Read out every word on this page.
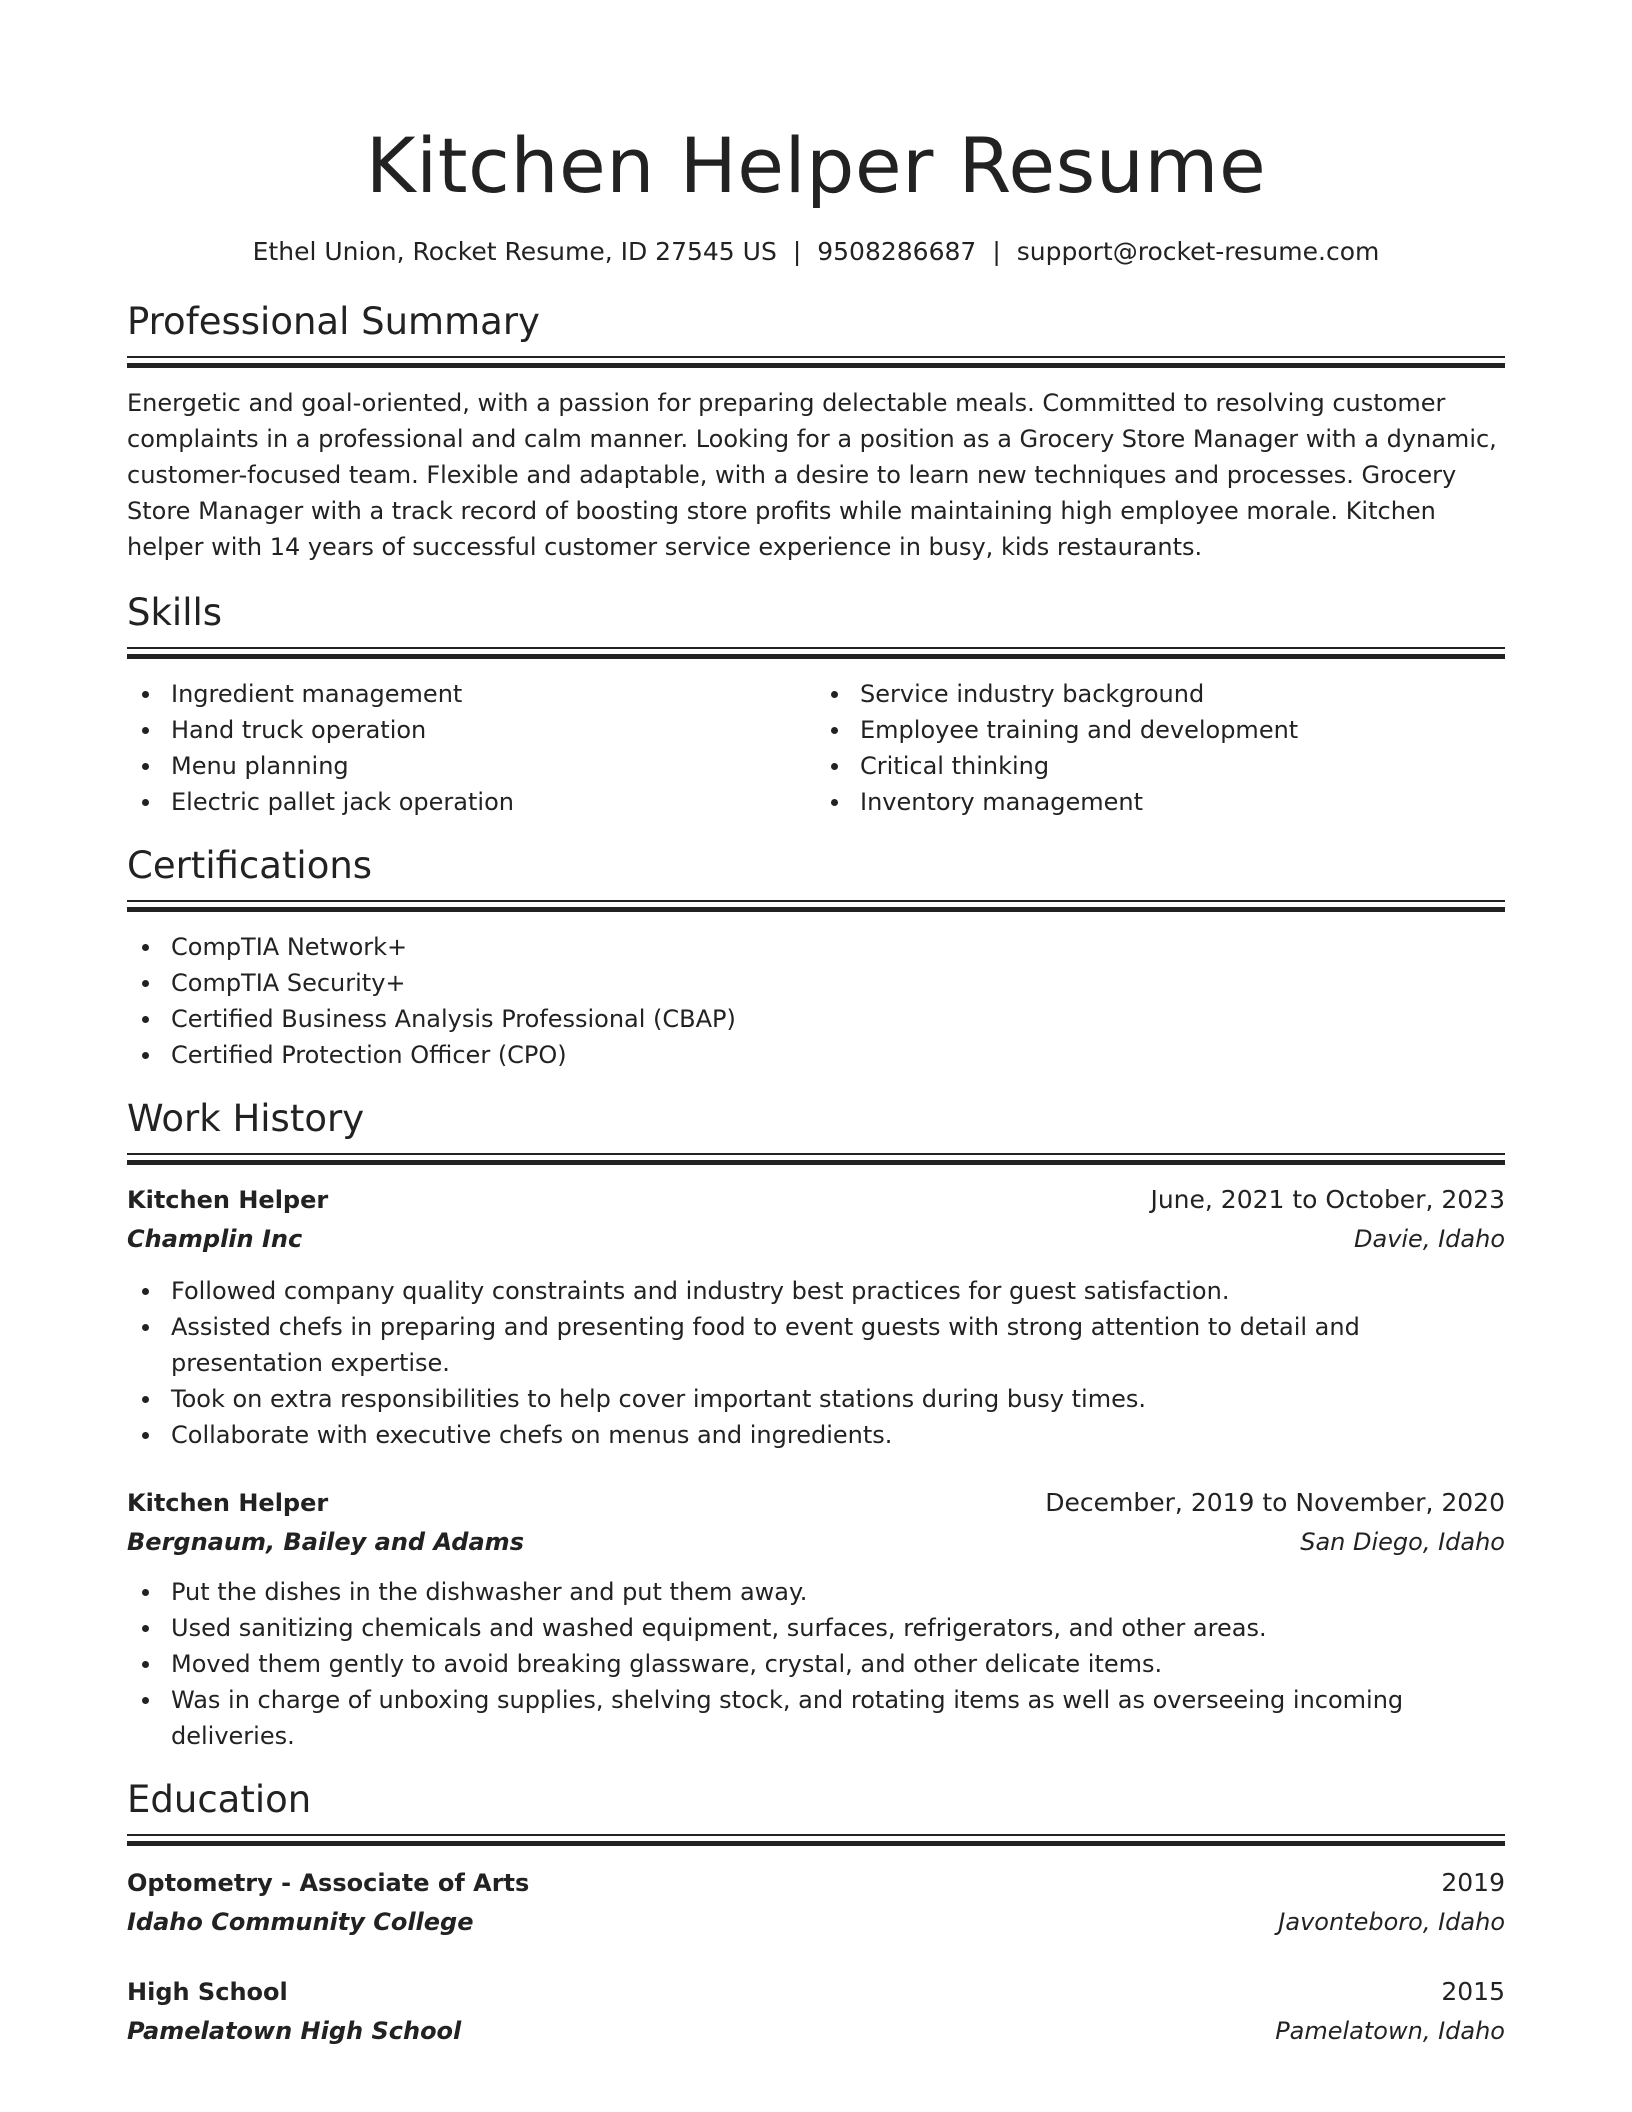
Kitchen Helper Resume
Ethel Union, Rocket Resume, ID 27545 US | 9508286687 | support@rocket-resume.com
Professional Summary
Energetic and goal-oriented, with a passion for preparing delectable meals. Committed to resolving customer complaints in a professional and calm manner. Looking for a position as a Grocery Store Manager with a dynamic, customer-focused team. Flexible and adaptable, with a desire to learn new techniques and processes. Grocery Store Manager with a track record of boosting store profits while maintaining high employee morale. Kitchen helper with 14 years of successful customer service experience in busy, kids restaurants.
Skills
Ingredient management
Hand truck operation
Menu planning
Electric pallet jack operation
Service industry background
Employee training and development
Critical thinking
Inventory management
Certifications
CompTIA Network+
CompTIA Security+
Certified Business Analysis Professional (CBAP)
Certified Protection Officer (CPO)
Work History
Kitchen Helper	June, 2021 to October, 2023
Champlin Inc	Davie, Idaho
Followed company quality constraints and industry best practices for guest satisfaction.
Assisted chefs in preparing and presenting food to event guests with strong attention to detail and presentation expertise.
Took on extra responsibilities to help cover important stations during busy times.
Collaborate with executive chefs on menus and ingredients.
Kitchen Helper	December, 2019 to November, 2020
Bergnaum, Bailey and Adams	San Diego, Idaho
Put the dishes in the dishwasher and put them away.
Used sanitizing chemicals and washed equipment, surfaces, refrigerators, and other areas.
Moved them gently to avoid breaking glassware, crystal, and other delicate items.
Was in charge of unboxing supplies, shelving stock, and rotating items as well as overseeing incoming deliveries.
Education
Optometry - Associate of Arts	2019
Idaho Community College	Javonteboro, Idaho
High School	2015
Pamelatown High School	Pamelatown, Idaho
